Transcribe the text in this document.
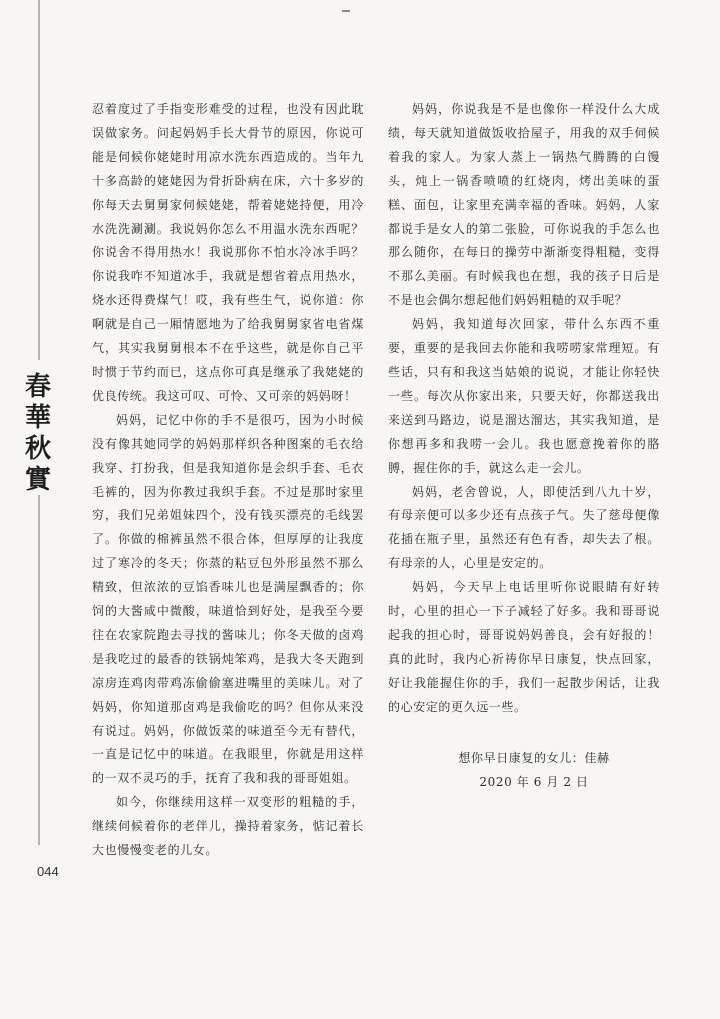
春
華
秋
實
044

忍着度过了手指变形难受的过程，也没有因此耽误做家务。问起妈妈手长大骨节的原因，你说可能是伺候你姥姥时用凉水洗东西造成的。当年九十多高龄的姥姥因为骨折卧病在床，六十多岁的你每天去舅舅家伺候姥姥，帮着姥姥持便，用冷水洗洗涮涮。我说妈你怎么不用温水洗东西呢？你说舍不得用热水！我说那你不怕水冷冰手吗？你说我咋不知道冰手，我就是想省着点用热水，烧水还得费煤气！哎，我有些生气，说你道：你啊就是自己一厢情愿地为了给我舅舅家省电省煤气，其实我舅舅根本不在乎这些，就是你自己平时惯于节约而已，这点你可真是继承了我姥姥的优良传统。我这可叹、可怜、又可亲的妈妈呀！

妈妈，记忆中你的手不是很巧，因为小时候没有像其她同学的妈妈那样织各种图案的毛衣给我穿、打扮我，但是我知道你是会织手套、毛衣毛裤的，因为你教过我织手套。不过是那时家里穷，我们兄弟姐妹四个，没有钱买漂亮的毛线罢了。你做的棉裤虽然不很合体，但厚厚的让我度过了寒冷的冬天；你蒸的粘豆包外形虽然不那么精致，但浓浓的豆馅香味儿也是满屋飘香的；你饲的大酱咸中微酸，味道恰到好处，是我至今要往在农家院跑去寻找的酱味儿；你冬天做的卤鸡是我吃过的最香的铁锅炖笨鸡，是我大冬天跑到凉房连鸡肉带鸡冻偷偷塞进嘴里的美味儿。对了妈妈，你知道那卤鸡是我偷吃的吗？但你从来没有说过。妈妈，你做饭菜的味道至今无有替代，一直是记忆中的味道。在我眼里，你就是用这样的一双不灵巧的手，抚育了我和我的哥哥姐姐。

如今，你继续用这样一双变形的粗糙的手，继续伺候着你的老伴儿，操持着家务，惦记着长大也慢慢变老的儿女。

妈妈，你说我是不是也像你一样没什么大成绩，每天就知道做饭收拾屋子，用我的双手伺候着我的家人。为家人蒸上一锅热气腾腾的白馒头，炖上一锅香喷喷的红烧肉，烤出美味的蛋糕、面包，让家里充满幸福的香味。妈妈，人家都说手是女人的第二张脸，可你说我的手怎么也那么随你，在每日的操劳中渐渐变得粗糙，变得不那么美丽。有时候我也在想，我的孩子日后是不是也会偶尔想起他们妈妈粗糙的双手呢？

妈妈，我知道每次回家，带什么东西不重要，重要的是我回去你能和我唠唠家常理短。有些话，只有和我这当姑娘的说说，才能让你轻快一些。每次从你家出来，只要天好，你都送我出来送到马路边，说是溜达溜达，其实我知道，是你想再多和我唠一会儿。我也愿意挽着你的胳膊，握住你的手，就这么走一会儿。

妈妈，老舍曾说，人，即使活到八九十岁，有母亲便可以多少还有点孩子气。失了慈母便像花插在瓶子里，虽然还有色有香，却失去了根。有母亲的人，心里是安定的。

妈妈，今天早上电话里听你说眼睛有好转时，心里的担心一下子减轻了好多。我和哥哥说起我的担心时，哥哥说妈妈善良，会有好报的！真的此时，我内心祈祷你早日康复，快点回家，好让我能握住你的手，我们一起散步闲话，让我的心安定的更久远一些。

想你早日康复的女儿：佳赫
2020 年 6 月 2 日
